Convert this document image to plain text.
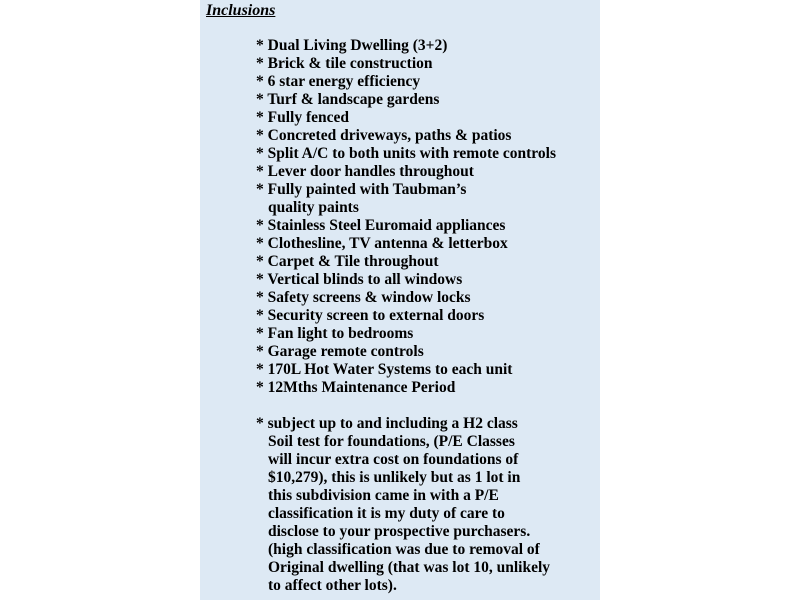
Inclusions
* Dual Living Dwelling (3+2)
* Brick & tile construction
* 6 star energy efficiency
* Turf & landscape gardens
* Fully fenced
* Concreted driveways, paths & patios
* Split A/C to both units with remote controls
* Lever door handles throughout
* Fully painted with Taubman’s
quality paints
* Stainless Steel Euromaid appliances
* Clothesline, TV antenna & letterbox
* Carpet & Tile throughout
* Vertical blinds to all windows
* Safety screens & window locks
* Security screen to external doors
* Fan light to bedrooms
* Garage remote controls
* 170L Hot Water Systems to each unit
* 12Mths Maintenance Period
* subject up to and including a H2 class
Soil test for foundations, (P/E Classes
will incur extra cost on foundations of
$10,279), this is unlikely but as 1 lot in
this subdivision came in with a P/E
classification it is my duty of care to
disclose to your prospective purchasers.
(high classification was due to removal of
Original dwelling (that was lot 10, unlikely
to affect other lots).
